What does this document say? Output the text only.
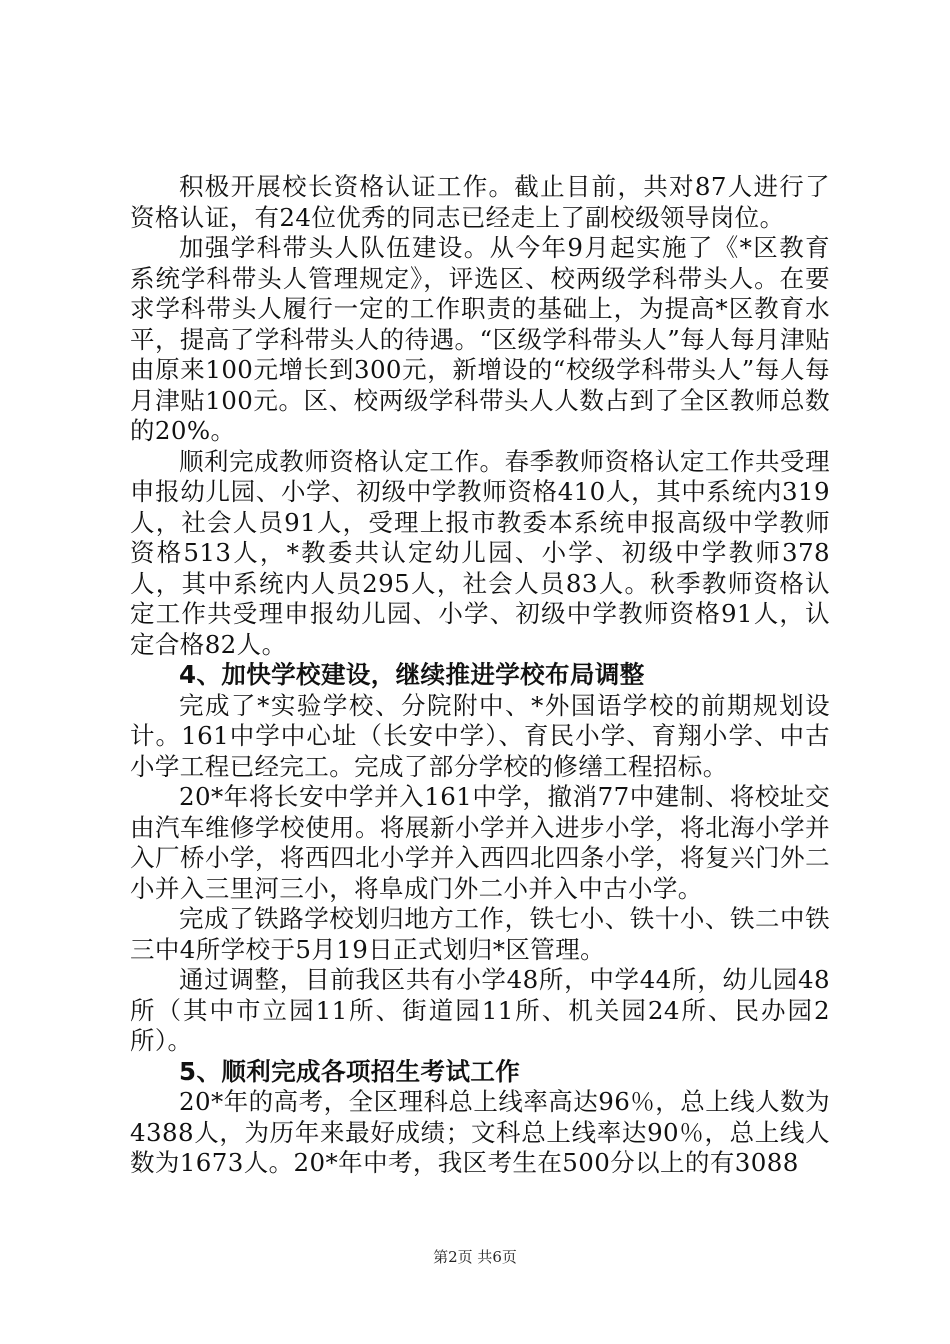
积极开展校长资格认证工作。截止目前，共对87人进行了资格认证，有24位优秀的同志已经走上了副校级领导岗位。

加强学科带头人队伍建设。从今年9月起实施了《*区教育系统学科带头人管理规定》，评选区、校两级学科带头人。在要求学科带头人履行一定的工作职责的基础上，为提高*区教育水平，提高了学科带头人的待遇。“区级学科带头人”每人每月津贴由原来100元增长到300元，新增设的“校级学科带头人”每人每月津贴100元。区、校两级学科带头人人数占到了全区教师总数的20%。

顺利完成教师资格认定工作。春季教师资格认定工作共受理申报幼儿园、小学、初级中学教师资格410人，其中系统内319人，社会人员91人，受理上报市教委本系统申报高级中学教师资格513人，*教委共认定幼儿园、小学、初级中学教师378人，其中系统内人员295人，社会人员83人。秋季教师资格认定工作共受理申报幼儿园、小学、初级中学教师资格91人，认定合格82人。

4、加快学校建设，继续推进学校布局调整

完成了*实验学校、分院附中、*外国语学校的前期规划设计。161中学中心址（长安中学）、育民小学、育翔小学、中古小学工程已经完工。完成了部分学校的修缮工程招标。

20*年将长安中学并入161中学，撤消77中建制、将校址交由汽车维修学校使用。将展新小学并入进步小学，将北海小学并入厂桥小学，将西四北小学并入西四北四条小学，将复兴门外二小并入三里河三小，将阜成门外二小并入中古小学。

完成了铁路学校划归地方工作，铁七小、铁十小、铁二中铁三中4所学校于5月19日正式划归*区管理。

通过调整，目前我区共有小学48所，中学44所，幼儿园48所（其中市立园11所、街道园11所、机关园24所、民办园2所）。

5、顺利完成各项招生考试工作

20*年的高考，全区理科总上线率高达96％，总上线人数为4388人，为历年来最好成绩；文科总上线率达90％，总上线人数为1673人。20*年中考，我区考生在500分以上的有3088

第2页 共6页
